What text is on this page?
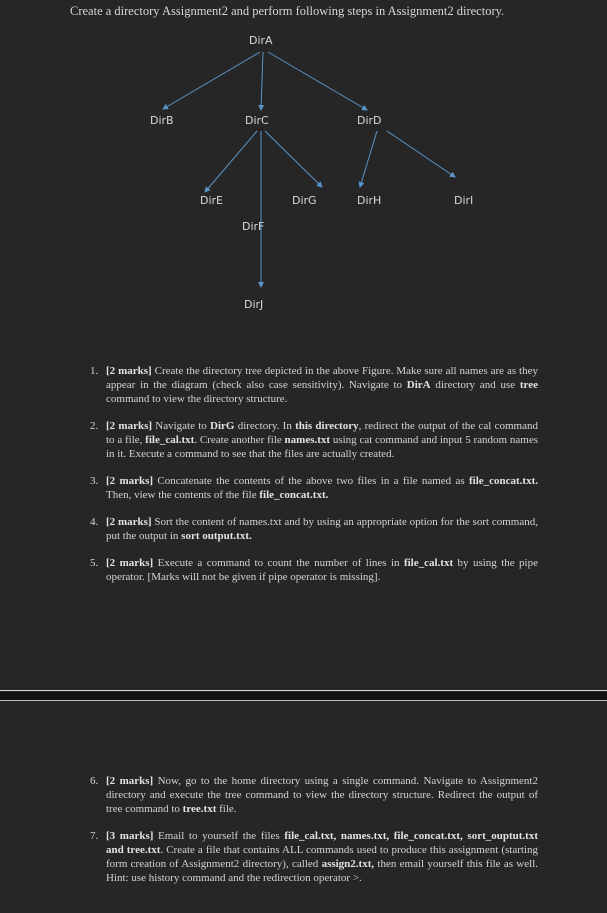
Create a directory Assignment2 and perform following steps in Assignment2 directory.
DirA
DirB	DirC	DirD
DirE	DirG	DirH	DirI
DirF
DirJ
1. [2 marks] Create the directory tree depicted in the above Figure. Make sure all names are as they appear in the diagram (check also case sensitivity). Navigate to DirA directory and use tree command to view the directory structure.
2. [2 marks] Navigate to DirG directory. In this directory, redirect the output of the cal command to a file, file_cal.txt. Create another file names.txt using cat command and input 5 random names in it. Execute a command to see that the files are actually created.
3. [2 marks] Concatenate the contents of the above two files in a file named as file_concat.txt. Then, view the contents of the file file_concat.txt.
4. [2 marks] Sort the content of names.txt and by using an appropriate option for the sort command, put the output in sort output.txt.
5. [2 marks] Execute a command to count the number of lines in file_cal.txt by using the pipe operator. [Marks will not be given if pipe operator is missing].
6. [2 marks] Now, go to the home directory using a single command. Navigate to Assignment2 directory and execute the tree command to view the directory structure. Redirect the output of tree command to tree.txt file.
7. [3 marks] Email to yourself the files file_cal.txt, names.txt, file_concat.txt, sort_ouptut.txt and tree.txt. Create a file that contains ALL commands used to produce this assignment (starting form creation of Assignment2 directory), called assign2.txt, then email yourself this file as well. Hint: use history command and the redirection operator >.
